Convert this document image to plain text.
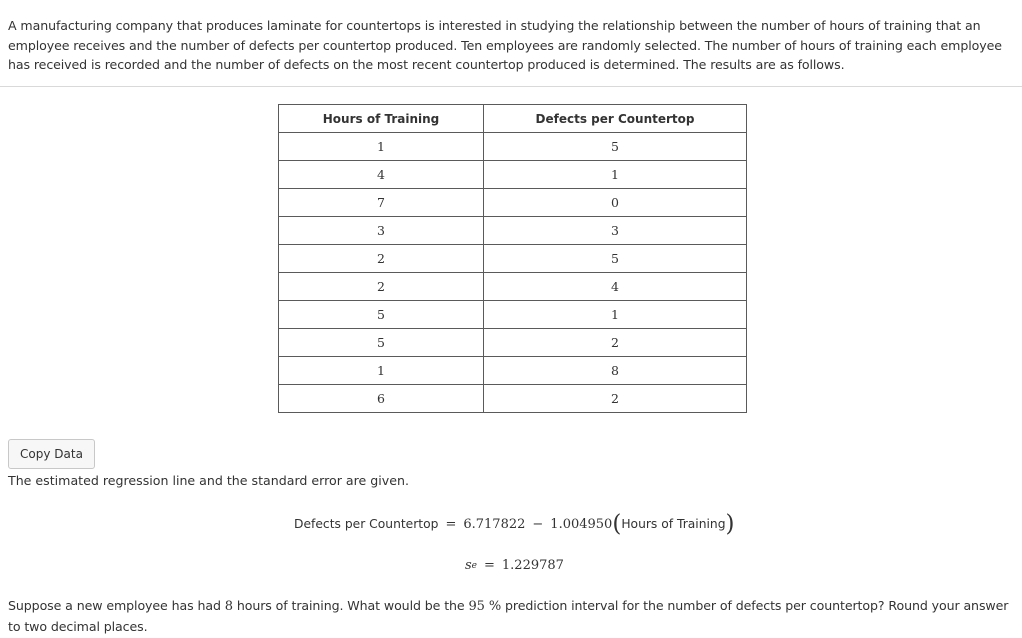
A manufacturing company that produces laminate for countertops is interested in studying the relationship between the number of hours of training that an employee receives and the number of defects per countertop produced. Ten employees are randomly selected. The number of hours of training each employee has received is recorded and the number of defects on the most recent countertop produced is determined. The results are as follows.

Hours of Training	Defects per Countertop
1	5
4	1
7	0
3	3
2	5
2	4
5	1
5	2
1	8
6	2
Copy Data

The estimated regression line and the standard error are given.

Defects per Countertop = 6.717822 − 1.004950 ( Hours of Training )
s e = 1.229787

Suppose a new employee has had 8 hours of training. What would be the 95 % prediction interval for the number of defects per countertop? Round your answer to two decimal places.
